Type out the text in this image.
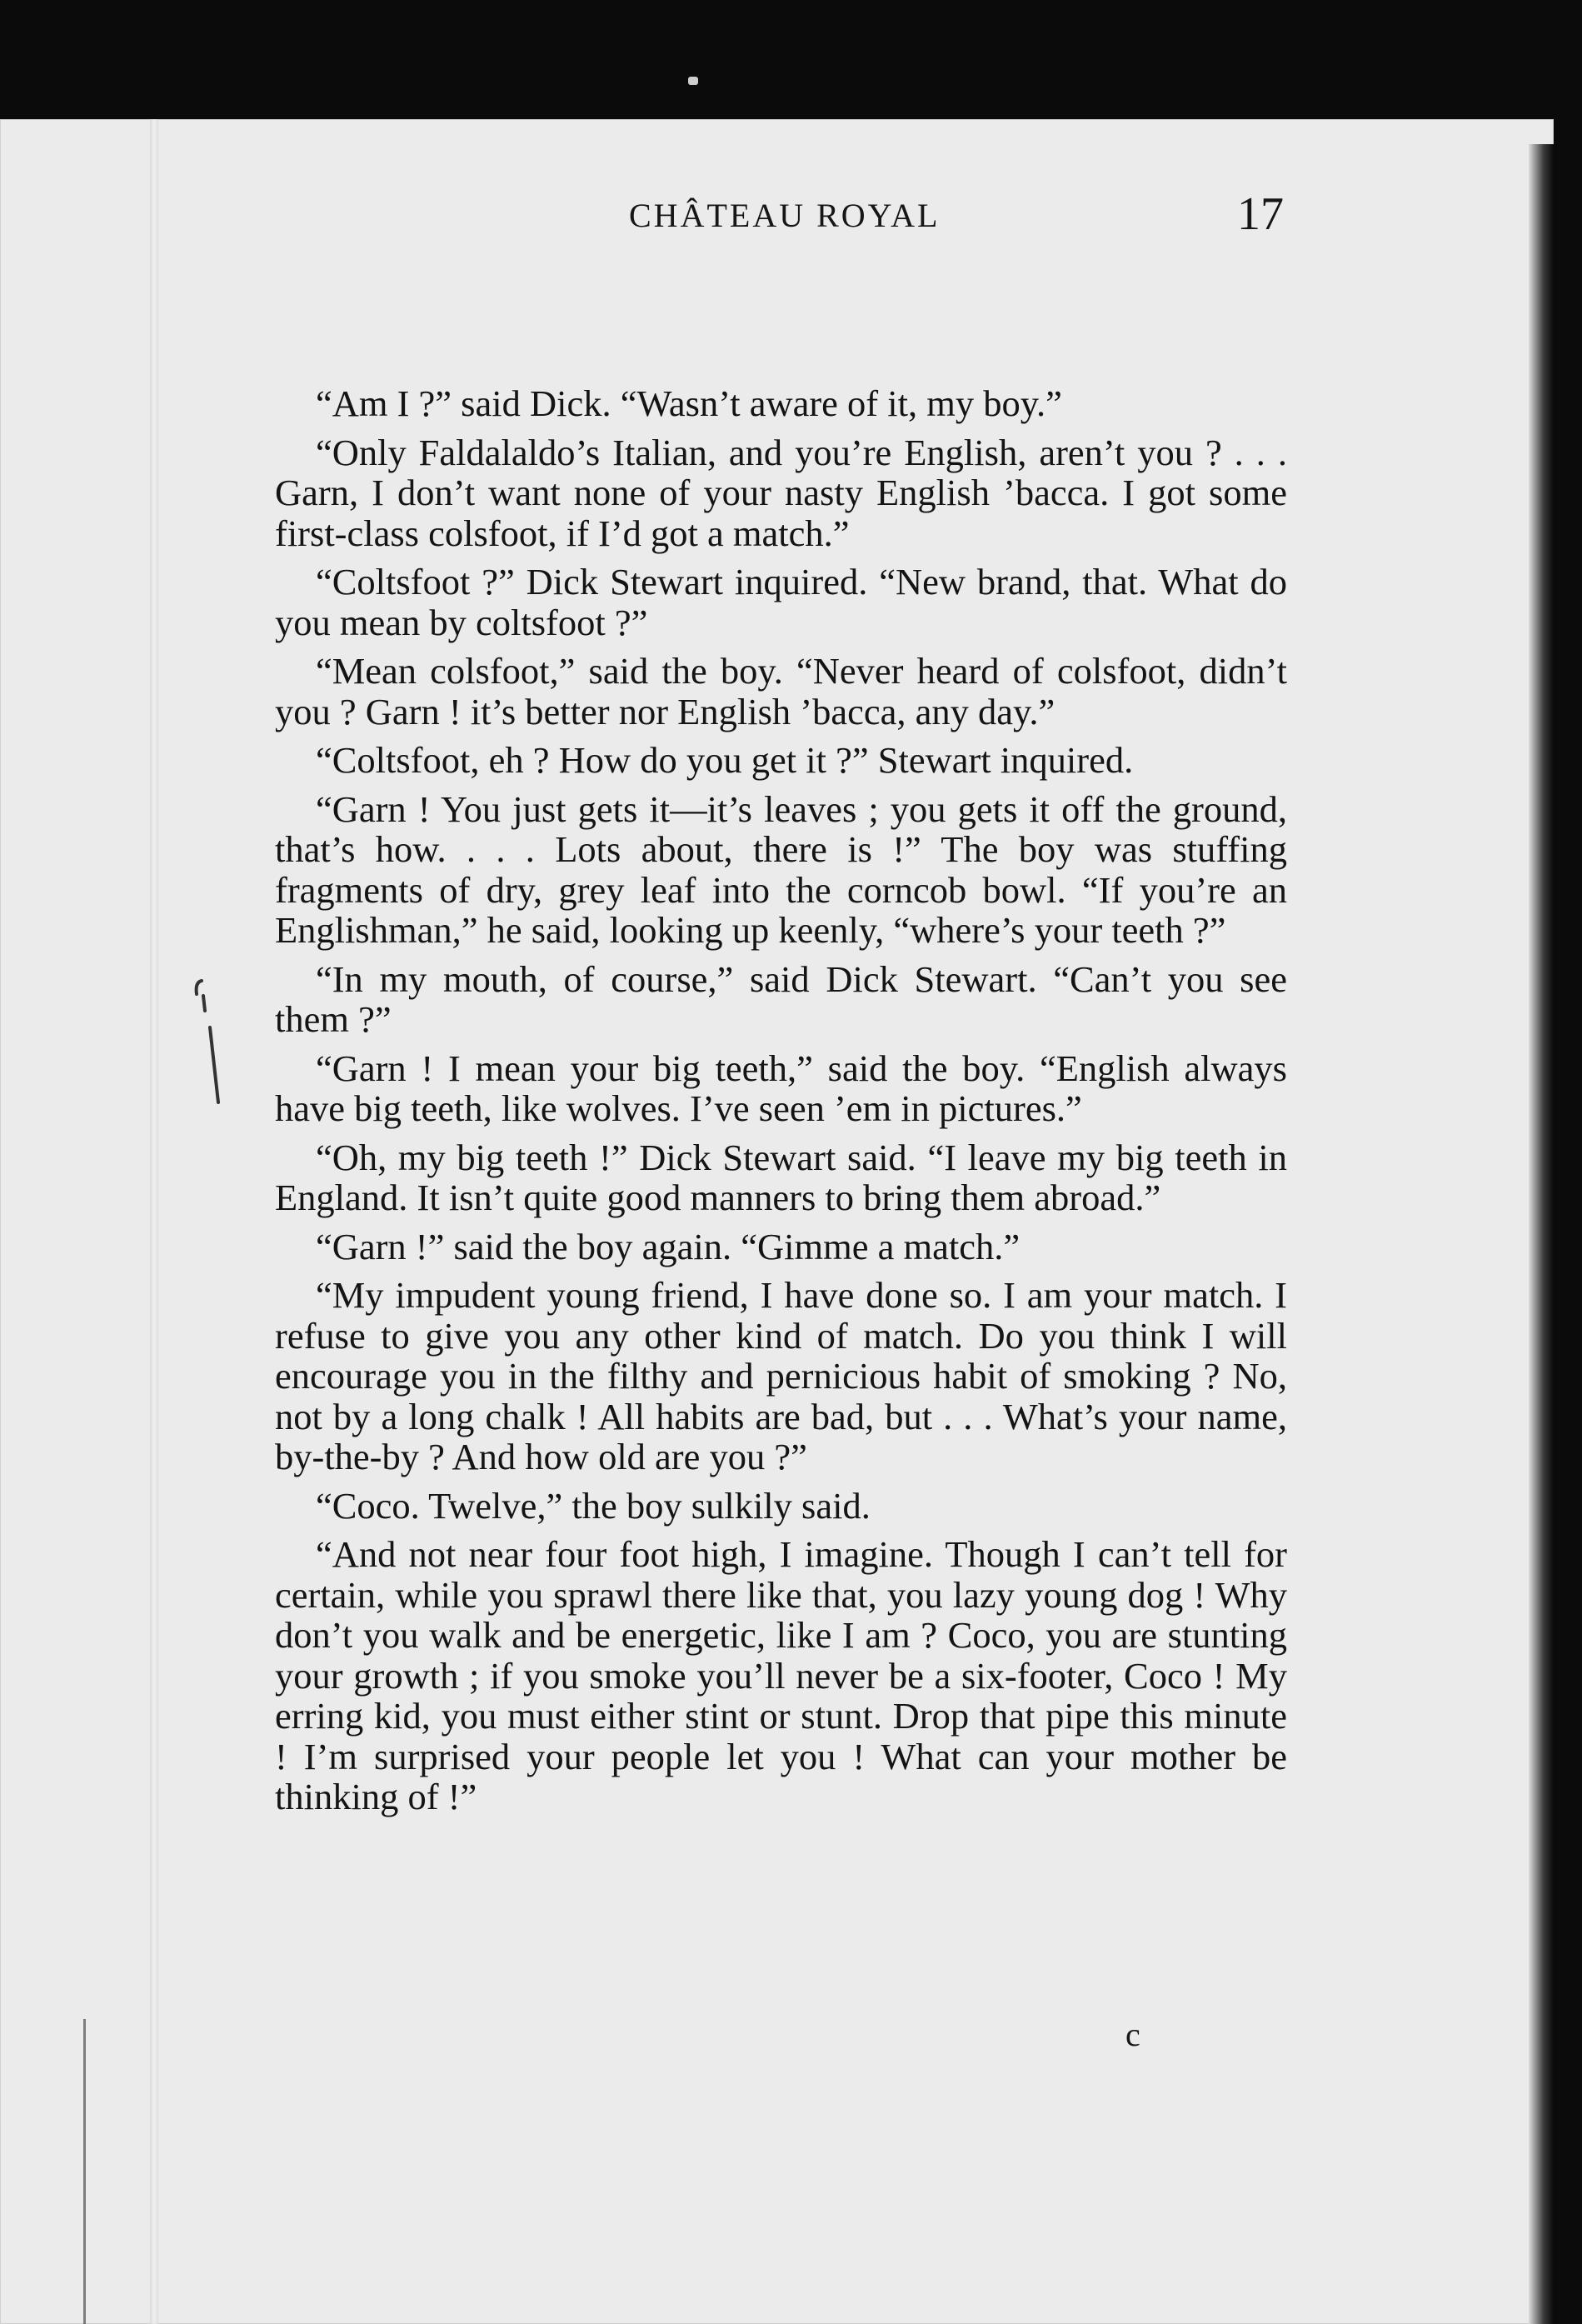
CHÂTEAU ROYAL	17

“Am I ?” said Dick. “Wasn’t aware of it, my boy.”

“Only Faldalaldo’s Italian, and you’re English, aren’t you ? . . . Garn, I don’t want none of your nasty English ’bacca. I got some first-class colsfoot, if I’d got a match.”

“Coltsfoot ?” Dick Stewart inquired. “New brand, that. What do you mean by coltsfoot ?”

“Mean colsfoot,” said the boy. “Never heard of colsfoot, didn’t you ? Garn ! it’s better nor English ’bacca, any day.”

“Coltsfoot, eh ? How do you get it ?” Stewart inquired.

“Garn ! You just gets it—it’s leaves ; you gets it off the ground, that’s how. . . . Lots about, there is !” The boy was stuffing fragments of dry, grey leaf into the corncob bowl. “If you’re an Englishman,” he said, looking up keenly, “where’s your teeth ?”

“In my mouth, of course,” said Dick Stewart. “Can’t you see them ?”

“Garn ! I mean your big teeth,” said the boy. “English always have big teeth, like wolves. I’ve seen ’em in pictures.”

“Oh, my big teeth !” Dick Stewart said. “I leave my big teeth in England. It isn’t quite good manners to bring them abroad.”

“Garn !” said the boy again. “Gimme a match.”

“My impudent young friend, I have done so. I am your match. I refuse to give you any other kind of match. Do you think I will encourage you in the filthy and pernicious habit of smoking ? No, not by a long chalk ! All habits are bad, but . . . What’s your name, by-the-by ? And how old are you ?”

“Coco. Twelve,” the boy sulkily said.

“And not near four foot high, I imagine. Though I can’t tell for certain, while you sprawl there like that, you lazy young dog ! Why don’t you walk and be energetic, like I am ? Coco, you are stunting your growth ; if you smoke you’ll never be a six-footer, Coco ! My erring kid, you must either stint or stunt. Drop that pipe this minute ! I’m surprised your people let you ! What can your mother be thinking of !”

c
